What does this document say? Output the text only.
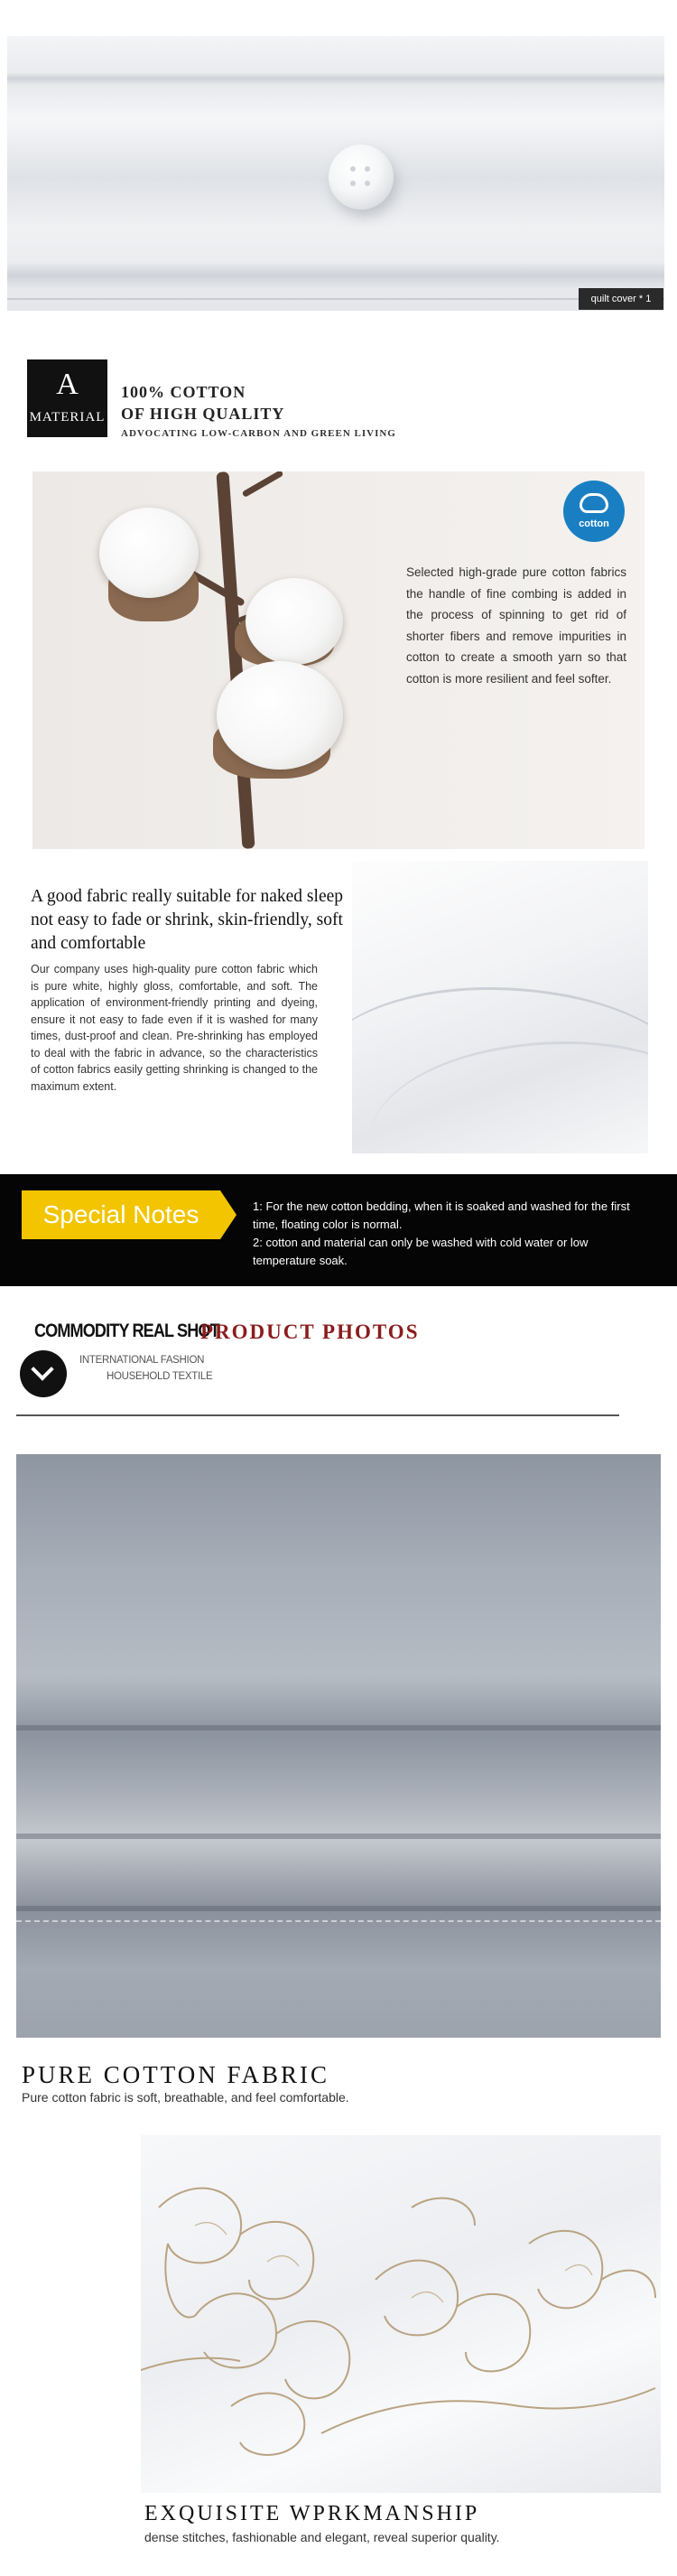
quilt cover * 1
A
MATERIAL
100% COTTON
OF HIGH QUALITY
ADVOCATING LOW-CARBON AND GREEN LIVING
cotton
Selected high-grade pure cotton fabrics the handle of fine combing is added in the process of spinning to get rid of shorter fibers and remove impurities in cotton to create a smooth yarn so that cotton is more resilient and feel softer.
A good fabric really suitable for naked sleep not easy to fade or shrink, skin-friendly, soft and comfortable
Our company uses high-quality pure cotton fabric which is pure white, highly gloss, comfortable, and soft. The application of environment-friendly printing and dyeing, ensure it not easy to fade even if it is washed for many times, dust-proof and clean. Pre-shrinking has employed to deal with the fabric in advance, so the characteristics of cotton fabrics easily getting shrinking is changed to the maximum extent.
Special Notes	1: For the new cotton bedding, when it is soaked and washed for the first time, floating color is normal.
2: cotton and material can only be washed with cold water or low temperature soak.
COMMODITY REAL SHOT
PRODUCT PHOTOS
INTERNATIONAL FASHION
HOUSEHOLD TEXTILE
PURE COTTON FABRIC
Pure cotton fabric is soft, breathable, and feel comfortable.
EXQUISITE WPRKMANSHIP
dense stitches, fashionable and elegant, reveal superior quality.
